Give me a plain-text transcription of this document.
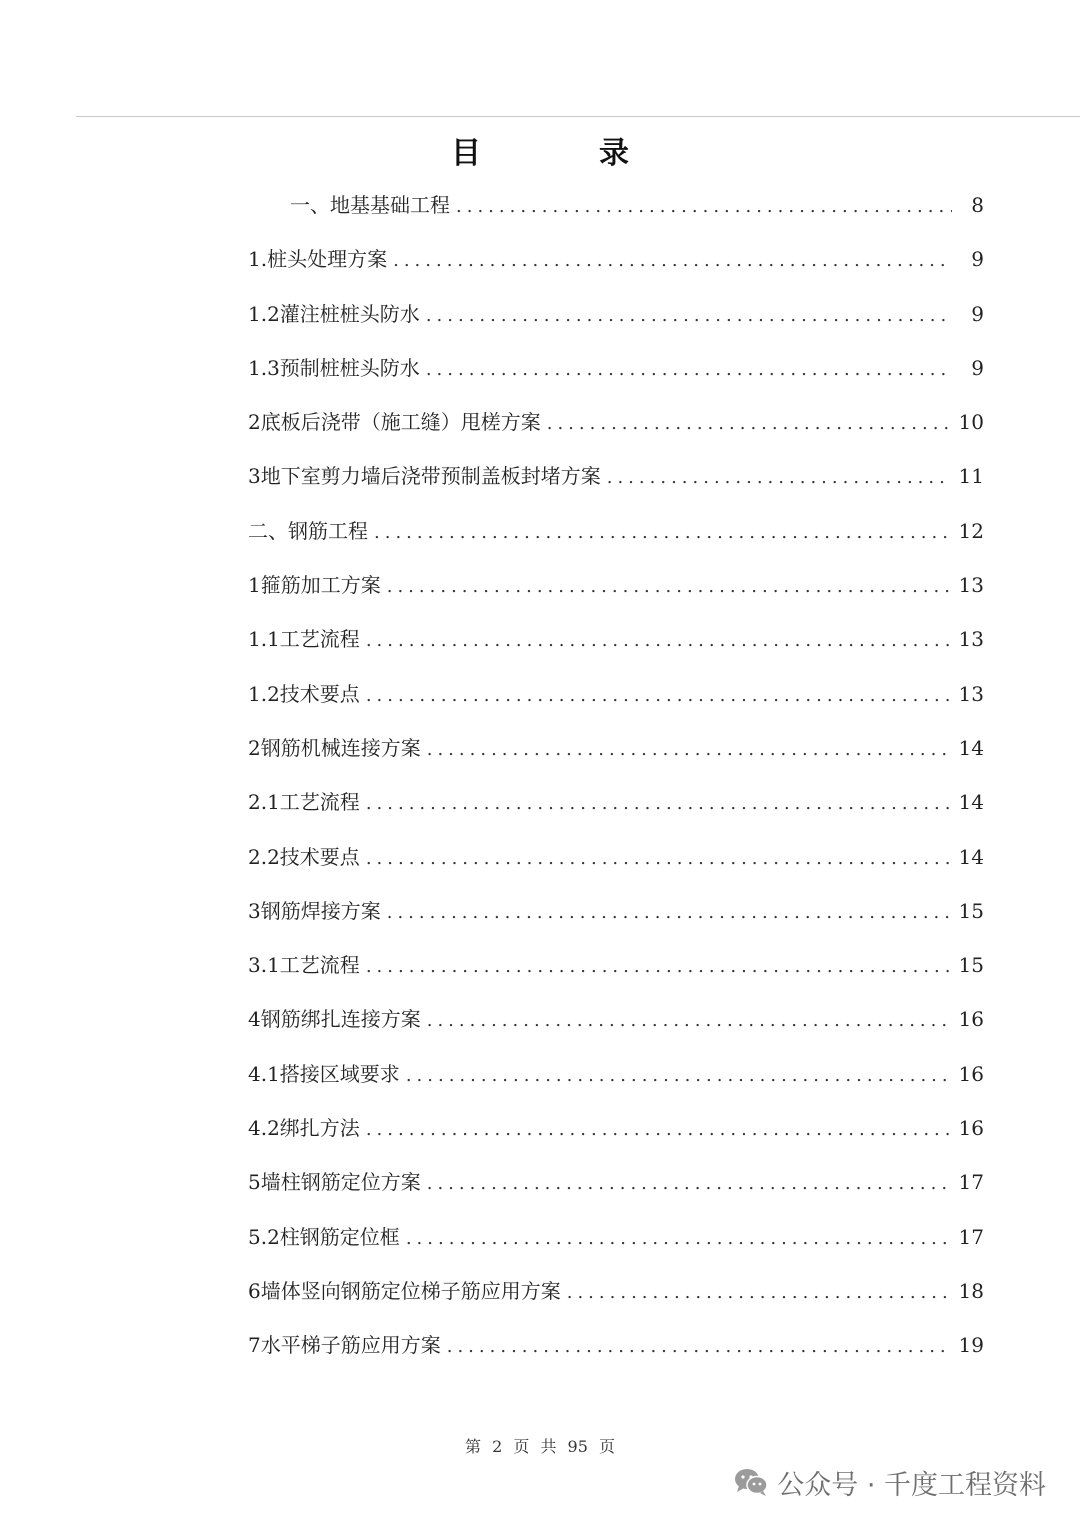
目　录
一、地基基础工程 .....	8
1.桩头处理方案 .....	9
1.2灌注桩桩头防水 .....	9
1.3预制桩桩头防水 .....	9
2底板后浇带（施工缝）甩槎方案 .....	10
3地下室剪力墙后浇带预制盖板封堵方案 .....	11
二、钢筋工程 .....	12
1箍筋加工方案 .....	13
1.1工艺流程 .....	13
1.2技术要点 .....	13
2钢筋机械连接方案 .....	14
2.1工艺流程 .....	14
2.2技术要点 .....	14
3钢筋焊接方案 .....	15
3.1工艺流程 .....	15
4钢筋绑扎连接方案 .....	16
4.1搭接区域要求 .....	16
4.2绑扎方法 .....	16
5墙柱钢筋定位方案 .....	17
5.2柱钢筋定位框 .....	17
6墙体竖向钢筋定位梯子筋应用方案 .....	18
7水平梯子筋应用方案 .....	19
第 2 页 共 95 页
公众号 · 千度工程资料
